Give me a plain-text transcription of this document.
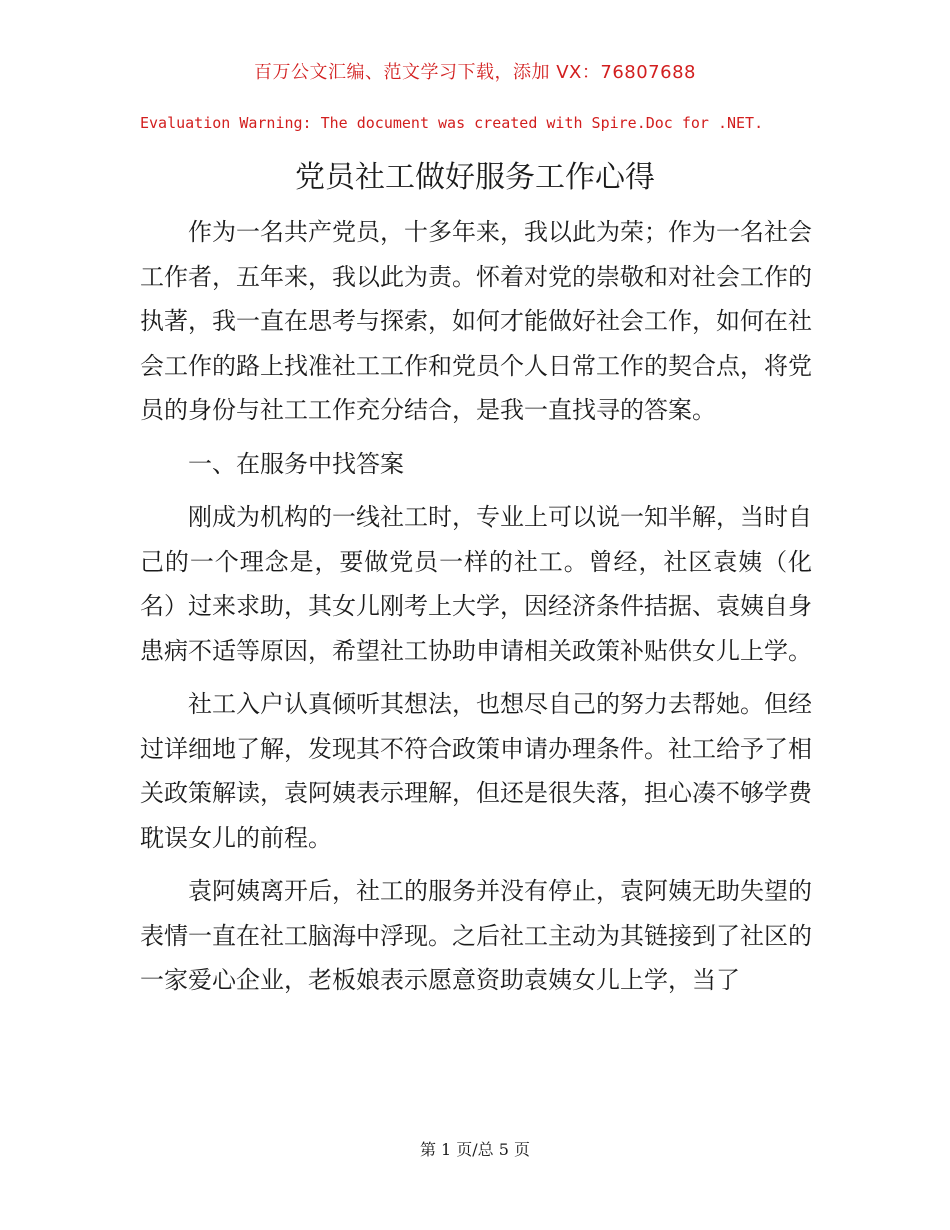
百万公文汇编、范文学习下载，添加 VX：76807688
Evaluation Warning: The document was created with Spire.Doc for .NET.
党员社工做好服务工作心得

作为一名共产党员，十多年来，我以此为荣；作为一名社会工作者，五年来，我以此为责。怀着对党的崇敬和对社会工作的执著，我一直在思考与探索，如何才能做好社会工作，如何在社会工作的路上找准社工工作和党员个人日常工作的契合点，将党员的身份与社工工作充分结合，是我一直找寻的答案。

一、在服务中找答案

刚成为机构的一线社工时，专业上可以说一知半解，当时自己的一个理念是，要做党员一样的社工。曾经，社区袁姨（化名）过来求助，其女儿刚考上大学，因经济条件拮据、袁姨自身患病不适等原因，希望社工协助申请相关政策补贴供女儿上学。

社工入户认真倾听其想法，也想尽自己的努力去帮她。但经过详细地了解，发现其不符合政策申请办理条件。社工给予了相关政策解读，袁阿姨表示理解，但还是很失落，担心凑不够学费耽误女儿的前程。

袁阿姨离开后，社工的服务并没有停止，袁阿姨无助失望的表情一直在社工脑海中浮现。之后社工主动为其链接到了社区的一家爱心企业，老板娘表示愿意资助袁姨女儿上学，当了

第 1 页/总 5 页
